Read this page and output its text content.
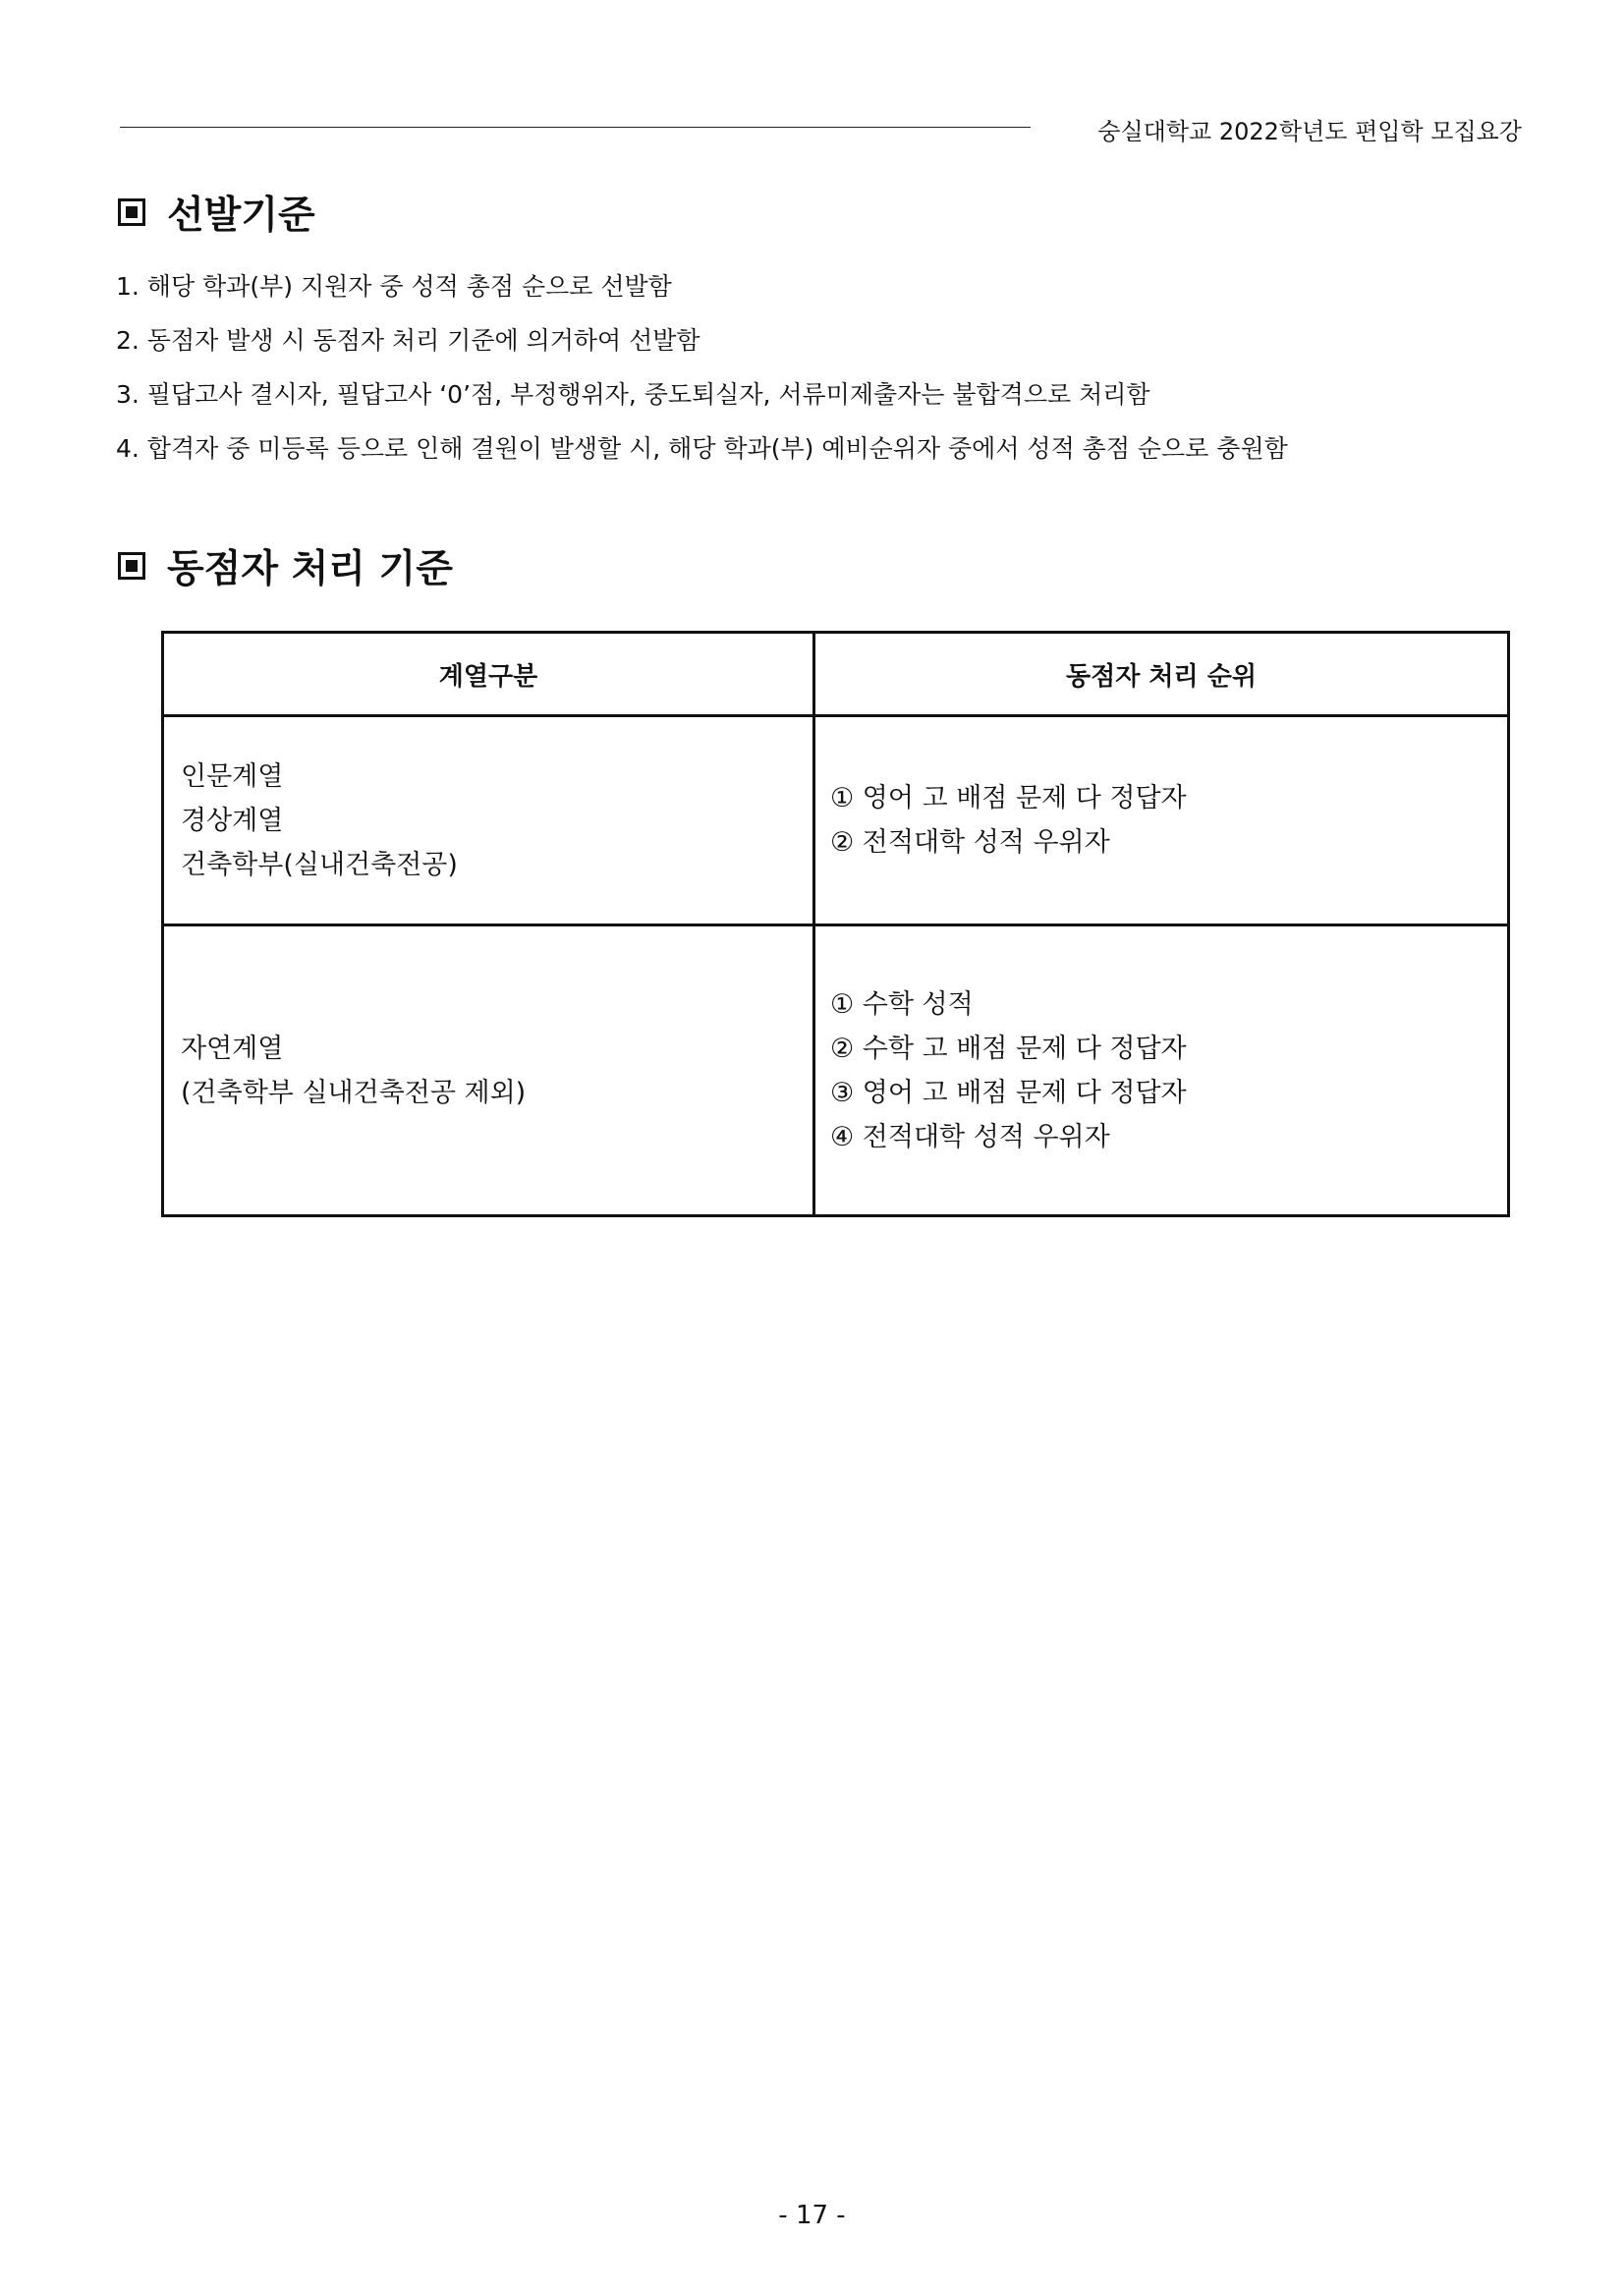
숭실대학교 2022학년도 편입학 모집요강
선발기준
1. 해당 학과(부) 지원자 중 성적 총점 순으로 선발함
2. 동점자 발생 시 동점자 처리 기준에 의거하여 선발함
3. 필답고사 결시자, 필답고사 ‘0’점, 부정행위자, 중도퇴실자, 서류미제출자는 불합격으로 처리함
4. 합격자 중 미등록 등으로 인해 결원이 발생할 시, 해당 학과(부) 예비순위자 중에서 성적 총점 순으로 충원함
동점자 처리 기준
계열구분	동점자 처리 순위

인문계열
경상계열
건축학부(실내건축전공)	① 영어 고 배점 문제 다 정답자
② 전적대학 성적 우위자

자연계열
(건축학부 실내건축전공 제외)	① 수학 성적
② 수학 고 배점 문제 다 정답자
③ 영어 고 배점 문제 다 정답자
④ 전적대학 성적 우위자
- 17 -
